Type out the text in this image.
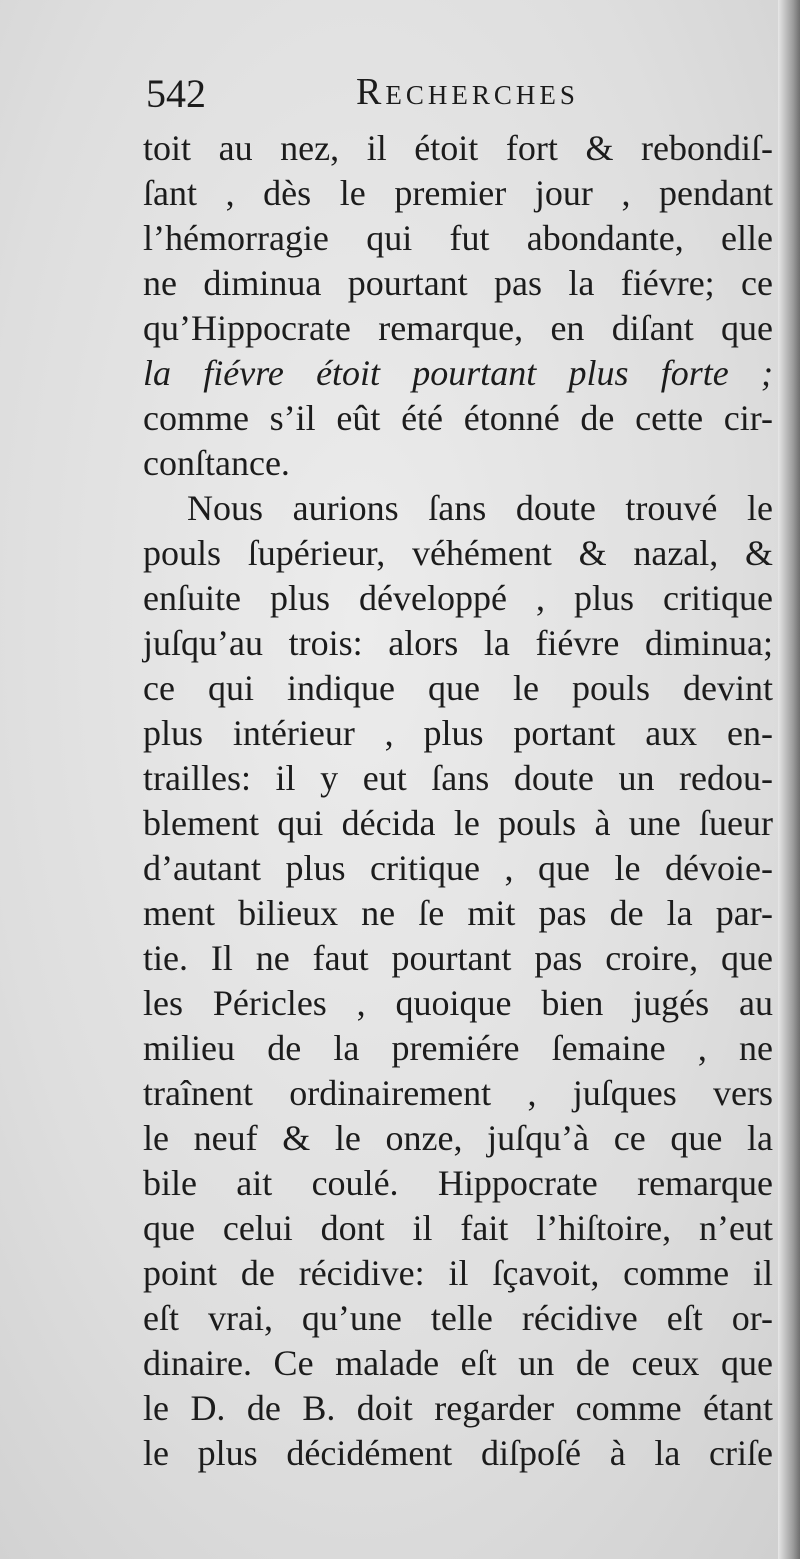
542	Recherches
toit au nez, il étoit fort & rebondiſ-
ſant , dès le premier jour , pendant
l’hémorragie qui fut abondante, elle
ne diminua pourtant pas la fiévre; ce
qu’Hippocrate remarque, en diſant que
la fiévre étoit pourtant plus forte ;
comme s’il eût été étonné de cette cir-
conſtance.
Nous aurions ſans doute trouvé le
pouls ſupérieur, véhément & nazal, &
enſuite plus développé , plus critique
juſqu’au trois: alors la fiévre diminua;
ce qui indique que le pouls devint
plus intérieur , plus portant aux en-
trailles: il y eut ſans doute un redou-
blement qui décida le pouls à une ſueur
d’autant plus critique , que le dévoie-
ment bilieux ne ſe mit pas de la par-
tie. Il ne faut pourtant pas croire, que
les Péricles , quoique bien jugés au
milieu de la premiére ſemaine , ne
traînent ordinairement , juſques vers
le neuf & le onze, juſqu’à ce que la
bile ait coulé. Hippocrate remarque
que celui dont il fait l’hiſtoire, n’eut
point de récidive: il ſçavoit, comme il
eſt vrai, qu’une telle récidive eſt or-
dinaire. Ce malade eſt un de ceux que
le D. de B. doit regarder comme étant
le plus décidément diſpoſé à la criſe
